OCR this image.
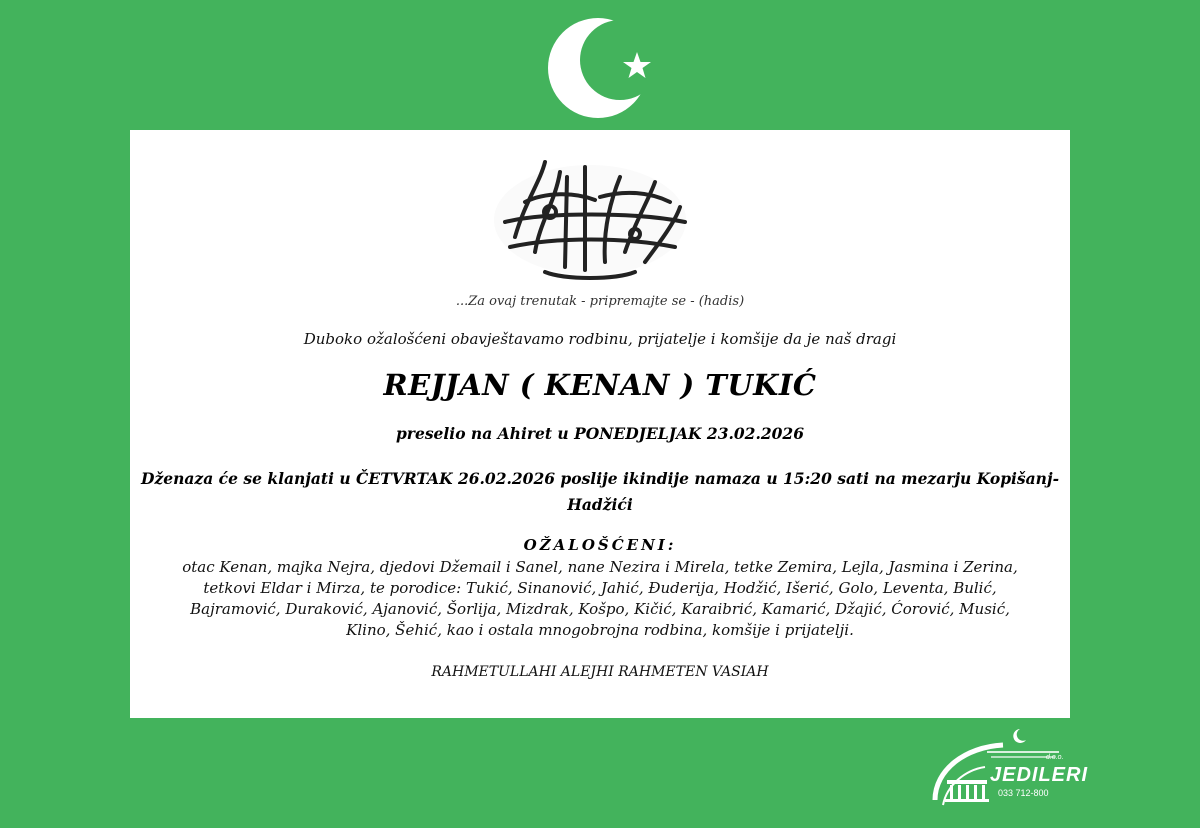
...Za ovaj trenutak - pripremajte se - (hadis)
Duboko ožalošćeni obavještavamo rodbinu, prijatelje i komšije da je naš dragi
REJJAN ( KENAN ) TUKIĆ
preselio na Ahiret u PONEDJELJAK 23.02.2026
Dženaza će se klanjati u ČETVRTAK 26.02.2026 poslije ikindije namaza u 15:20 sati na mezarju Kopišanj-
Hadžići
OŽALOŠĆENI:
otac Kenan, majka Nejra, djedovi Džemail i Sanel, nane Nezira i Mirela, tetke Zemira, Lejla, Jasmina i Zerina,
tetkovi Eldar i Mirza, te porodice: Tukić, Sinanović, Jahić, Đuderija, Hodžić, Išerić, Golo, Leventa, Bulić,
Bajramović, Duraković, Ajanović, Šorlija, Mizdrak, Košpo, Kičić, Karaibrić, Kamarić, Džajić, Ćorović, Musić,
Klino, Šehić, kao i ostala mnogobrojna rodbina, komšije i prijatelji.
RAHMETULLAHI ALEJHI RAHMETEN VASIAH
d.o.o.
JEDILERI
033 712-800
